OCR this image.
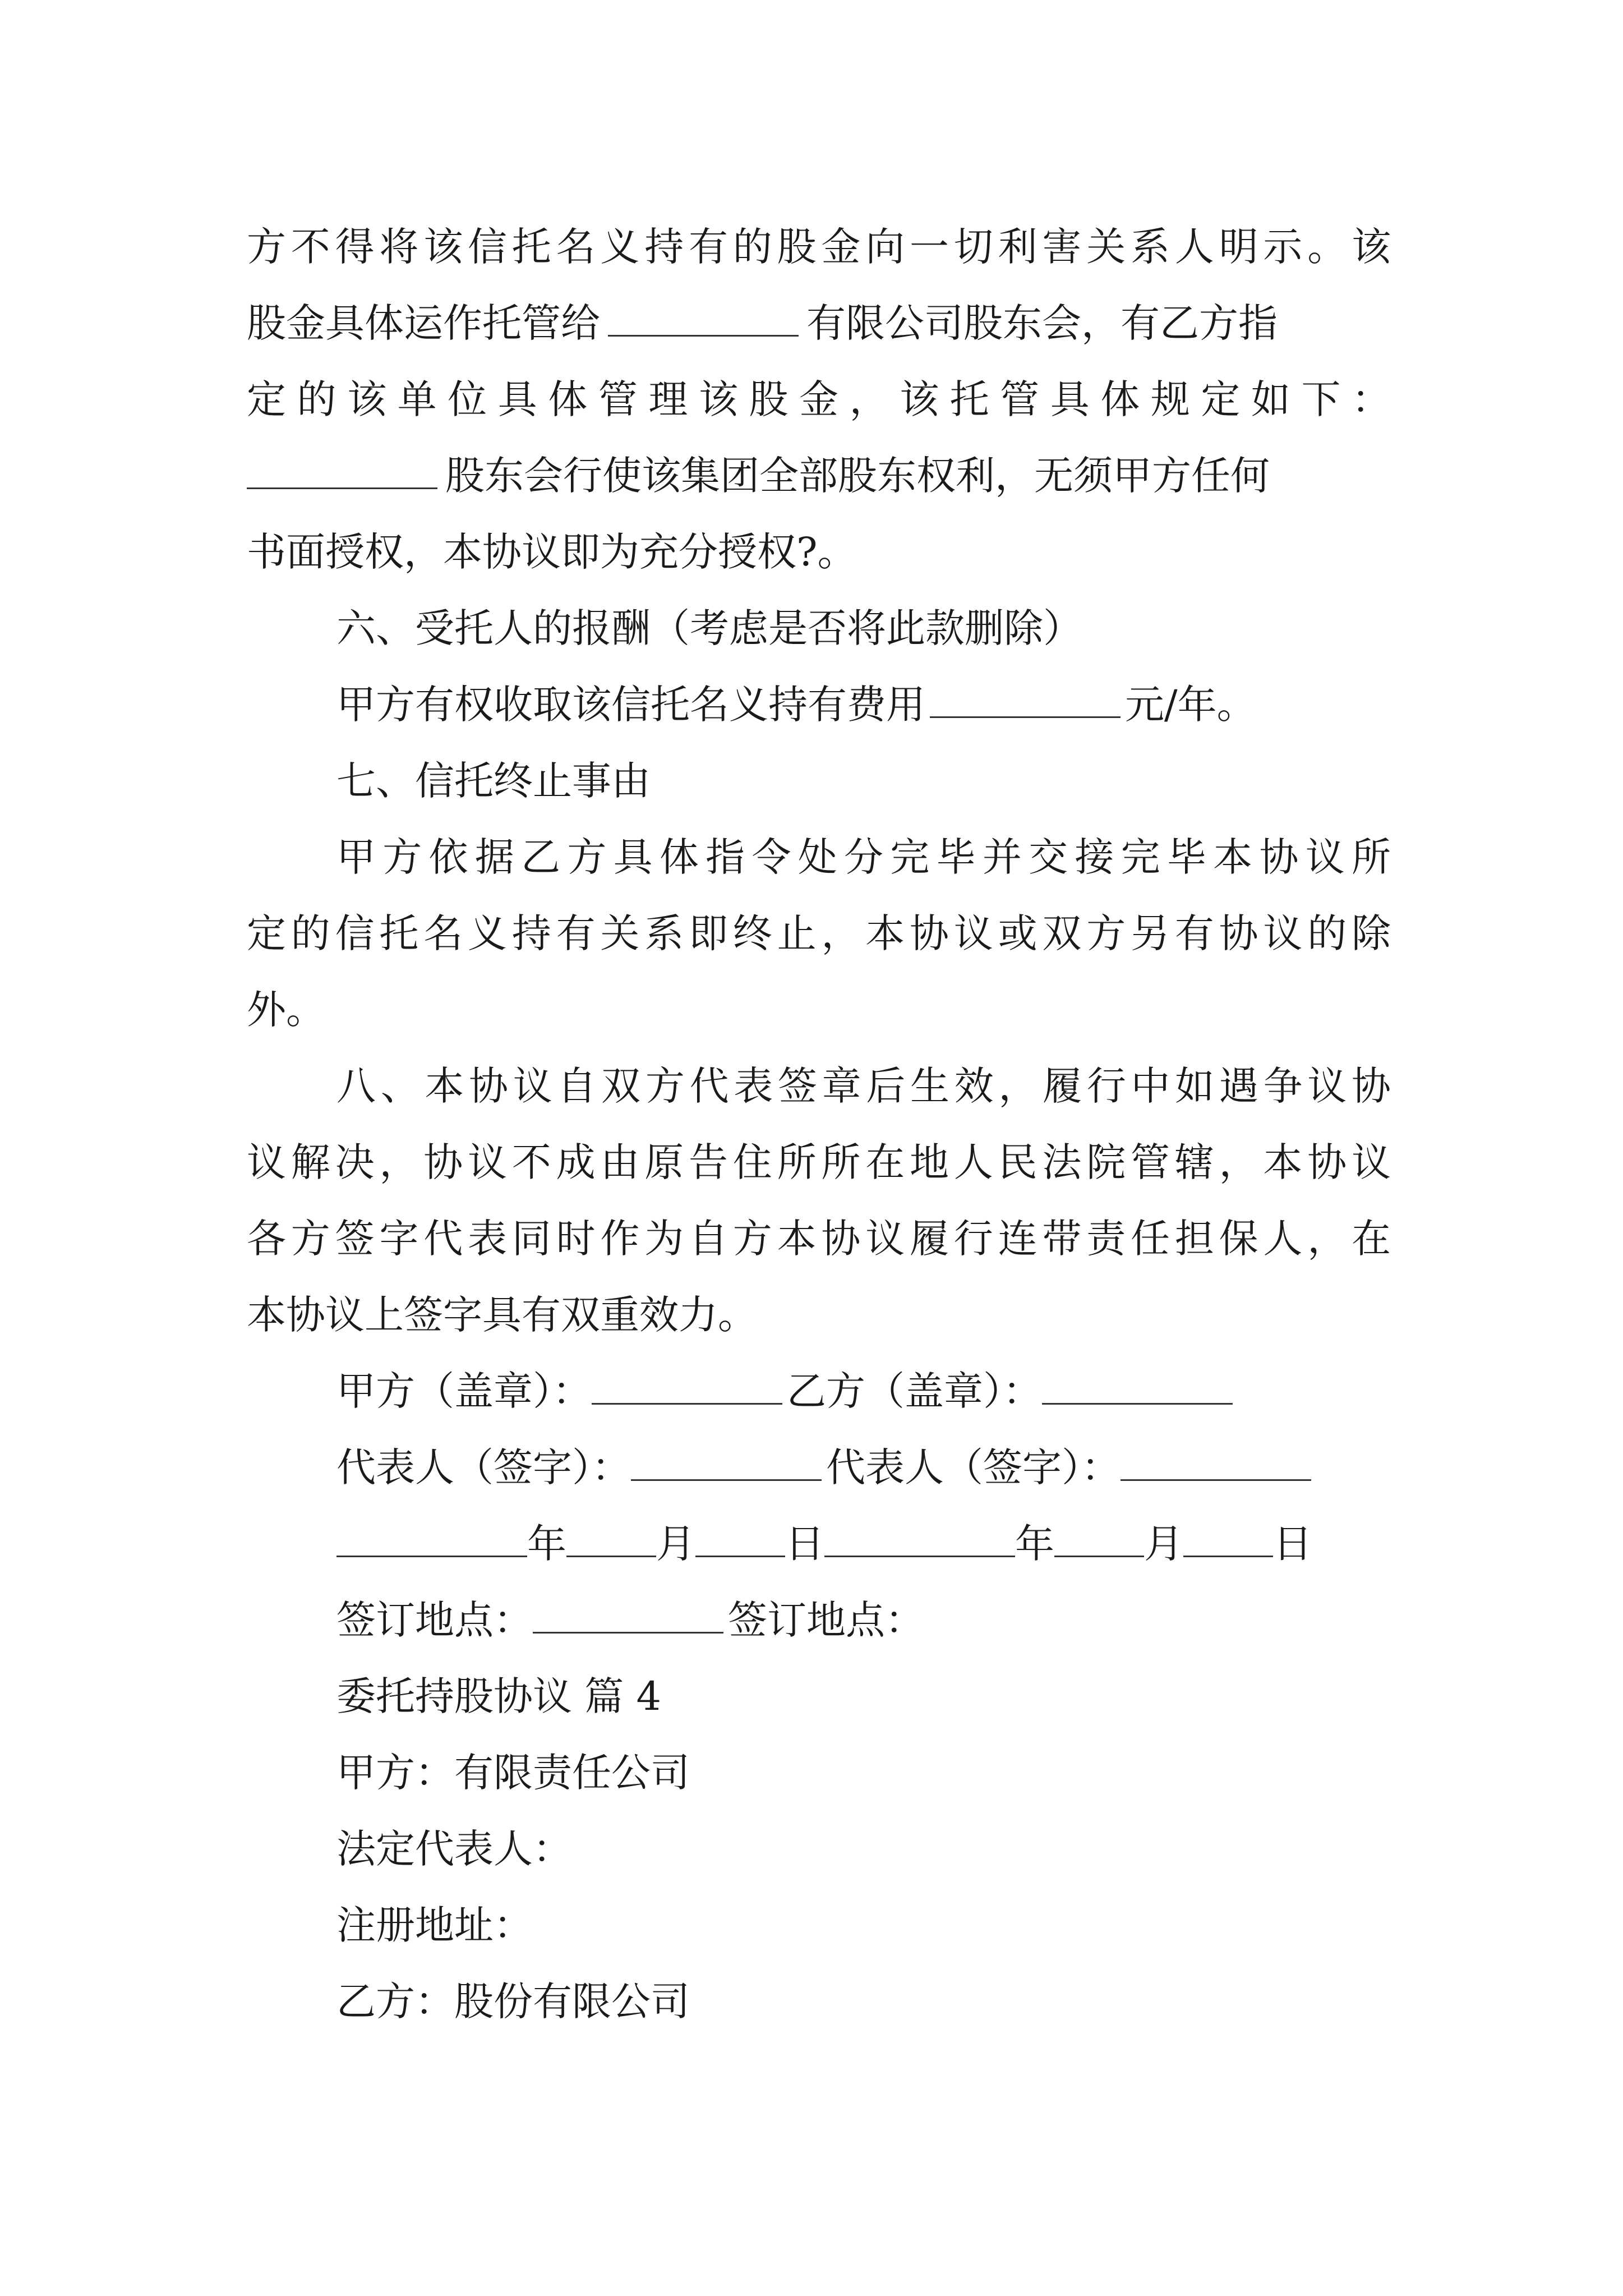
方不得将该信托名义持有的股金向一切利害关系人明示。该
股金具体运作托管给	有限公司股东会，有乙方指
定的该单位具体管理该股金，该托管具体规定如下：
股东会行使该集团全部股东权利，无须甲方任何
书面授权，本协议即为充分授权?。
六、受托人的报酬（考虑是否将此款删除）
甲方有权收取该信托名义持有费用	元/年。
七、信托终止事由
甲方依据乙方具体指令处分完毕并交接完毕本协议所
定的信托名义持有关系即终止，本协议或双方另有协议的除
外。
八、本协议自双方代表签章后生效，履行中如遇争议协
议解决，协议不成由原告住所所在地人民法院管辖，本协议
各方签字代表同时作为自方本协议履行连带责任担保人，在
本协议上签字具有双重效力。
甲方（盖章）：	乙方（盖章）：
代表人（签字）：	代表人（签字）：
年 月 日	年 月 日
签订地点：	签订地点：
委托持股协议 篇 4
甲方：有限责任公司
法定代表人：
注册地址：
乙方：股份有限公司
